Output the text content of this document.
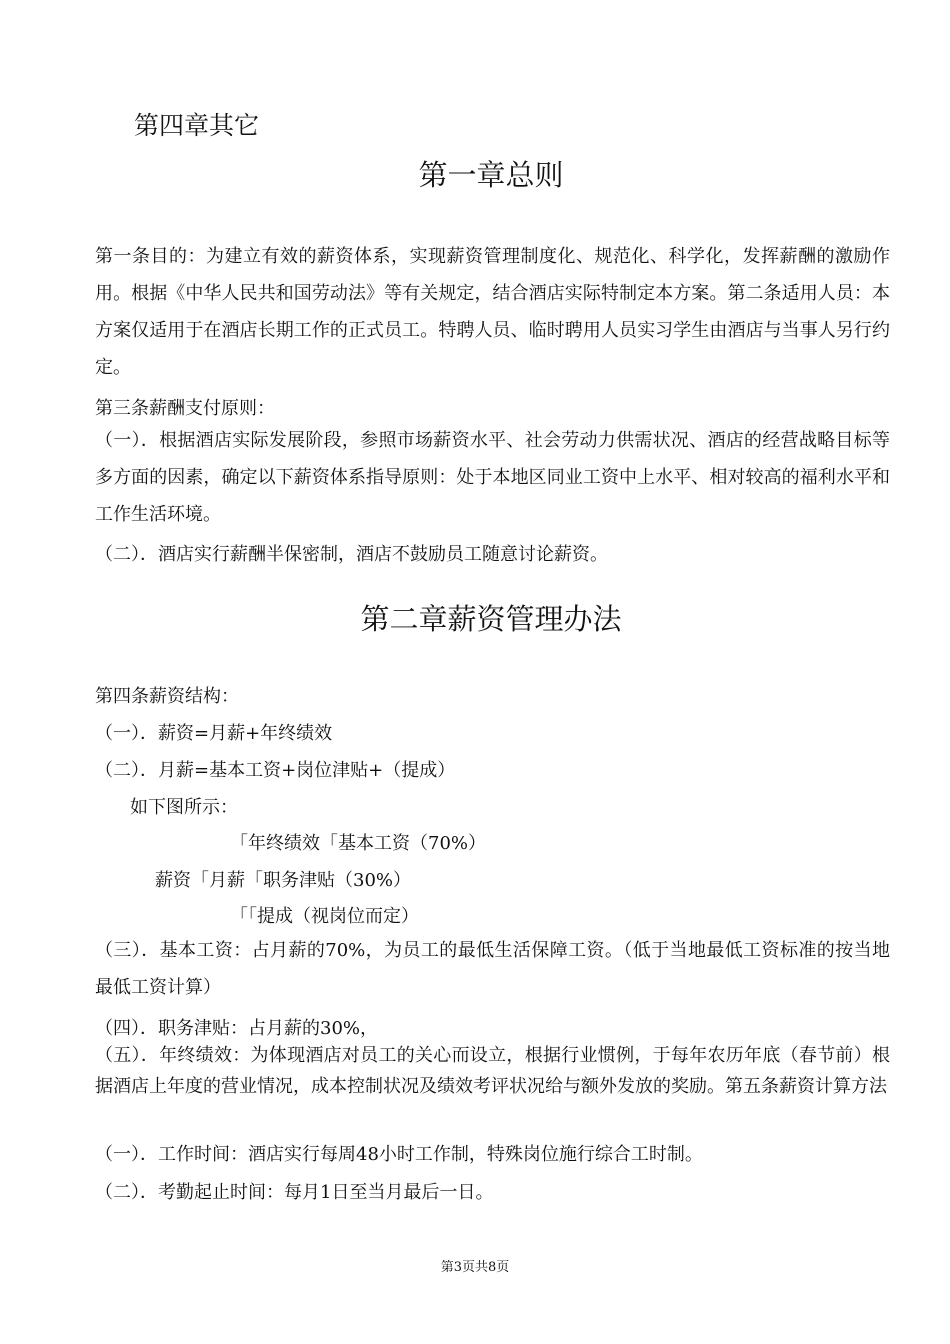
第四章其它
第一章总则
第一条目的：为建立有效的薪资体系，实现薪资管理制度化、规范化、科学化，发挥薪酬的激励作用。根据《中华人民共和国劳动法》等有关规定，结合酒店实际特制定本方案。第二条适用人员：本方案仅适用于在酒店长期工作的正式员工。特聘人员、临时聘用人员实习学生由酒店与当事人另行约定。
第三条薪酬支付原则：
（一）．根据酒店实际发展阶段，参照市场薪资水平、社会劳动力供需状况、酒店的经营战略目标等多方面的因素，确定以下薪资体系指导原则：处于本地区同业工资中上水平、相对较高的福利水平和工作生活环境。
（二）．酒店实行薪酬半保密制，酒店不鼓励员工随意讨论薪资。
第二章薪资管理办法
第四条薪资结构：
（一）．薪资=月薪+年终绩效
（二）．月薪=基本工资+岗位津贴+（提成）
如下图所示：
「年终绩效「基本工资（70%）
薪资「月薪「职务津贴（30%）
「「提成（视岗位而定）
（三）．基本工资：占月薪的70%，为员工的最低生活保障工资。（低于当地最低工资标准的按当地最低工资计算）
（四）．职务津贴：占月薪的30%，
（五）．年终绩效：为体现酒店对员工的关心而设立，根据行业惯例，于每年农历年底（春节前）根据酒店上年度的营业情况，成本控制状况及绩效考评状况给与额外发放的奖励。第五条薪资计算方法
（一）．工作时间：酒店实行每周48小时工作制，特殊岗位施行综合工时制。
（二）．考勤起止时间：每月1日至当月最后一日。
第3页共8页
